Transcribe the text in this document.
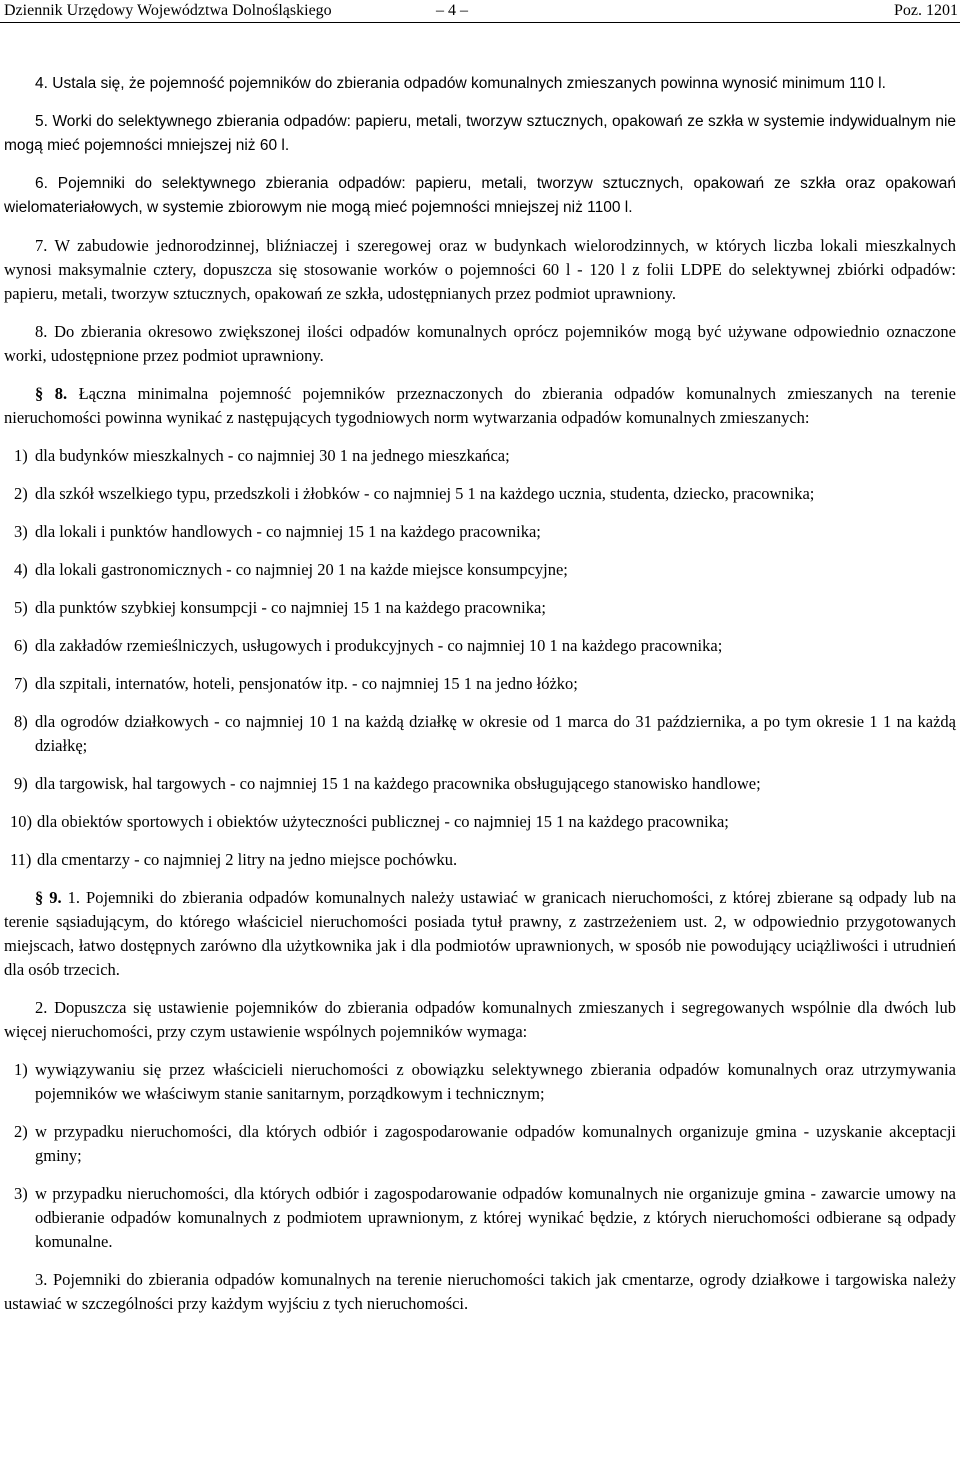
Dziennik Urzędowy Województwa Dolnośląskiego	– 4 –	Poz. 1201

4. Ustala się, że pojemność pojemników do zbierania odpadów komunalnych zmieszanych powinna wynosić minimum 110 l.

5. Worki do selektywnego zbierania odpadów: papieru, metali, tworzyw sztucznych, opakowań ze szkła w systemie indywidualnym nie mogą mieć pojemności mniejszej niż 60 l.

6. Pojemniki do selektywnego zbierania odpadów: papieru, metali, tworzyw sztucznych, opakowań ze szkła oraz opakowań wielomateriałowych, w systemie zbiorowym nie mogą mieć pojemności mniejszej niż 1100 l.

7. W zabudowie jednorodzinnej, bliźniaczej i szeregowej oraz w budynkach wielorodzinnych, w których liczba lokali mieszkalnych wynosi maksymalnie cztery, dopuszcza się stosowanie worków o pojemności 60 l - 120 l z folii LDPE do selektywnej zbiórki odpadów: papieru, metali, tworzyw sztucznych, opakowań ze szkła, udostępnianych przez podmiot uprawniony.

8. Do zbierania okresowo zwiększonej ilości odpadów komunalnych oprócz pojemników mogą być używane odpowiednio oznaczone worki, udostępnione przez podmiot uprawniony.

§ 8. Łączna minimalna pojemność pojemników przeznaczonych do zbierania odpadów komunalnych zmieszanych na terenie nieruchomości powinna wynikać z następujących tygodniowych norm wytwarzania odpadów komunalnych zmieszanych:

1) dla budynków mieszkalnych - co najmniej 30 1 na jednego mieszkańca;
2) dla szkół wszelkiego typu, przedszkoli i żłobków - co najmniej 5 1 na każdego ucznia, studenta, dziecko, pracownika;
3) dla lokali i punktów handlowych - co najmniej 15 1 na każdego pracownika;
4) dla lokali gastronomicznych - co najmniej 20 1 na każde miejsce konsumpcyjne;
5) dla punktów szybkiej konsumpcji - co najmniej 15 1 na każdego pracownika;
6) dla zakładów rzemieślniczych, usługowych i produkcyjnych - co najmniej 10 1 na każdego pracownika;
7) dla szpitali, internatów, hoteli, pensjonatów itp. - co najmniej 15 1 na jedno łóżko;
8) dla ogrodów działkowych - co najmniej 10 1 na każdą działkę w okresie od 1 marca do 31 października, a po tym okresie 1 1 na każdą działkę;
9) dla targowisk, hal targowych - co najmniej 15 1 na każdego pracownika obsługującego stanowisko handlowe;
10) dla obiektów sportowych i obiektów użyteczności publicznej - co najmniej 15 1 na każdego pracownika;
11) dla cmentarzy - co najmniej 2 litry na jedno miejsce pochówku.

§ 9. 1. Pojemniki do zbierania odpadów komunalnych należy ustawiać w granicach nieruchomości, z której zbierane są odpady lub na terenie sąsiadującym, do którego właściciel nieruchomości posiada tytuł prawny, z zastrzeżeniem ust. 2, w odpowiednio przygotowanych miejscach, łatwo dostępnych zarówno dla użytkownika jak i dla podmiotów uprawnionych, w sposób nie powodujący uciążliwości i utrudnień dla osób trzecich.

2. Dopuszcza się ustawienie pojemników do zbierania odpadów komunalnych zmieszanych i segregowanych wspólnie dla dwóch lub więcej nieruchomości, przy czym ustawienie wspólnych pojemników wymaga:

1) wywiązywaniu się przez właścicieli nieruchomości z obowiązku selektywnego zbierania odpadów komunalnych oraz utrzymywania pojemników we właściwym stanie sanitarnym, porządkowym i technicznym;
2) w przypadku nieruchomości, dla których odbiór i zagospodarowanie odpadów komunalnych organizuje gmina - uzyskanie akceptacji gminy;
3) w przypadku nieruchomości, dla których odbiór i zagospodarowanie odpadów komunalnych nie organizuje gmina - zawarcie umowy na odbieranie odpadów komunalnych z podmiotem uprawnionym, z której wynikać będzie, z których nieruchomości odbierane są odpady komunalne.

3. Pojemniki do zbierania odpadów komunalnych na terenie nieruchomości takich jak cmentarze, ogrody działkowe i targowiska należy ustawiać w szczególności przy każdym wyjściu z tych nieruchomości.
